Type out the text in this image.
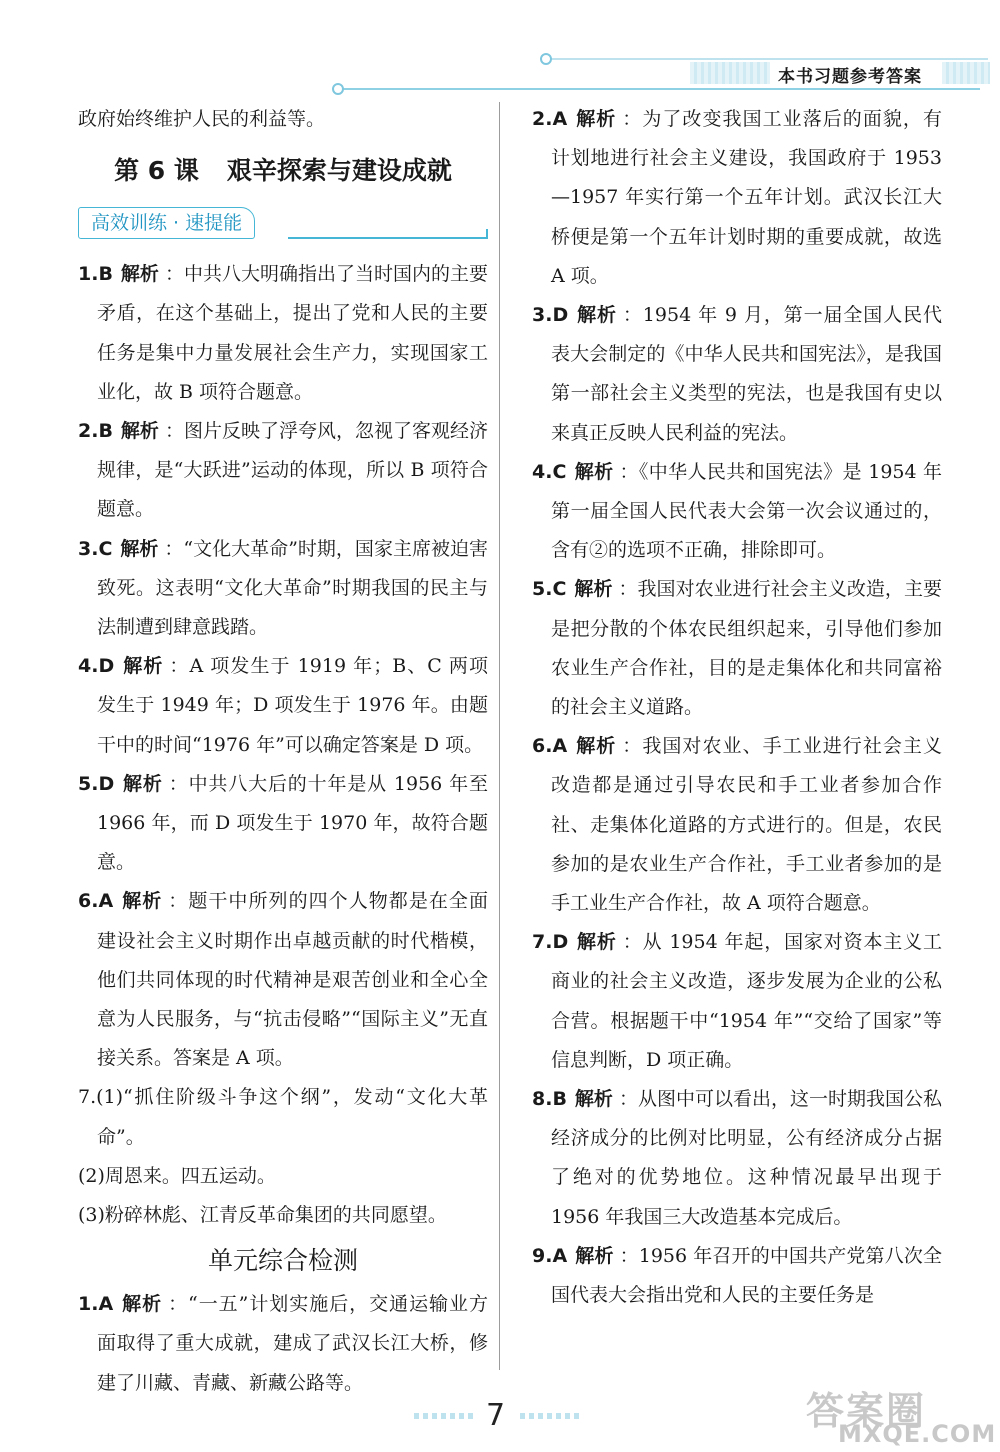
本书习题参考答案

政府始终维护人民的利益等。

第 6 课 艰辛探索与建设成就
高效训练 · 速提能

1.B 解析 ：中共八大明确指出了当时国内的主要矛盾，在这个基础上，提出了党和人民的主要任务是集中力量发展社会生产力，实现国家工业化，故 B 项符合题意。

2.B 解析 ：图片反映了浮夸风，忽视了客观经济规律，是“大跃进”运动的体现，所以 B 项符合题意。

3.C 解析 ：“文化大革命”时期，国家主席被迫害致死。这表明“文化大革命”时期我国的民主与法制遭到肆意践踏。

4.D 解析 ：A 项发生于 1919 年；B、C 两项发生于 1949 年；D 项发生于 1976 年。由题干中的时间“1976 年”可以确定答案是 D 项。

5.D 解析 ：中共八大后的十年是从 1956 年至 1966 年，而 D 项发生于 1970 年，故符合题意。

6.A 解析 ：题干中所列的四个人物都是在全面建设社会主义时期作出卓越贡献的时代楷模，他们共同体现的时代精神是艰苦创业和全心全意为人民服务，与“抗击侵略”“国际主义”无直接关系。答案是 A 项。

7.(1)“抓住阶级斗争这个纲”，发动“文化大革命”。

(2)周恩来。四五运动。

(3)粉碎林彪、江青反革命集团的共同愿望。

单元综合检测

1.A 解析 ：“一五”计划实施后，交通运输业方面取得了重大成就，建成了武汉长江大桥，修建了川藏、青藏、新藏公路等。

2.A 解析 ：为了改变我国工业落后的面貌，有计划地进行社会主义建设，我国政府于 1953—1957 年实行第一个五年计划。武汉长江大桥便是第一个五年计划时期的重要成就，故选 A 项。

3.D 解析 ：1954 年 9 月，第一届全国人民代表大会制定的《中华人民共和国宪法》，是我国第一部社会主义类型的宪法，也是我国有史以来真正反映人民利益的宪法。

4.C 解析 ：《中华人民共和国宪法》是 1954 年第一届全国人民代表大会第一次会议通过的，含有②的选项不正确，排除即可。

5.C 解析 ：我国对农业进行社会主义改造，主要是把分散的个体农民组织起来，引导他们参加农业生产合作社，目的是走集体化和共同富裕的社会主义道路。

6.A 解析 ：我国对农业、手工业进行社会主义改造都是通过引导农民和手工业者参加合作社、走集体化道路的方式进行的。但是，农民参加的是农业生产合作社，手工业者参加的是手工业生产合作社，故 A 项符合题意。

7.D 解析 ：从 1954 年起，国家对资本主义工商业的社会主义改造，逐步发展为企业的公私合营。根据题干中“1954 年”“交给了国家”等信息判断，D 项正确。

8.B 解析 ：从图中可以看出，这一时期我国公私经济成分的比例对比明显，公有经济成分占据了绝对的优势地位。这种情况最早出现于 1956 年我国三大改造基本完成后。

9.A 解析 ：1956 年召开的中国共产党第八次全国代表大会指出党和人民的主要任务是

7	答案圈
MXQE.COM
